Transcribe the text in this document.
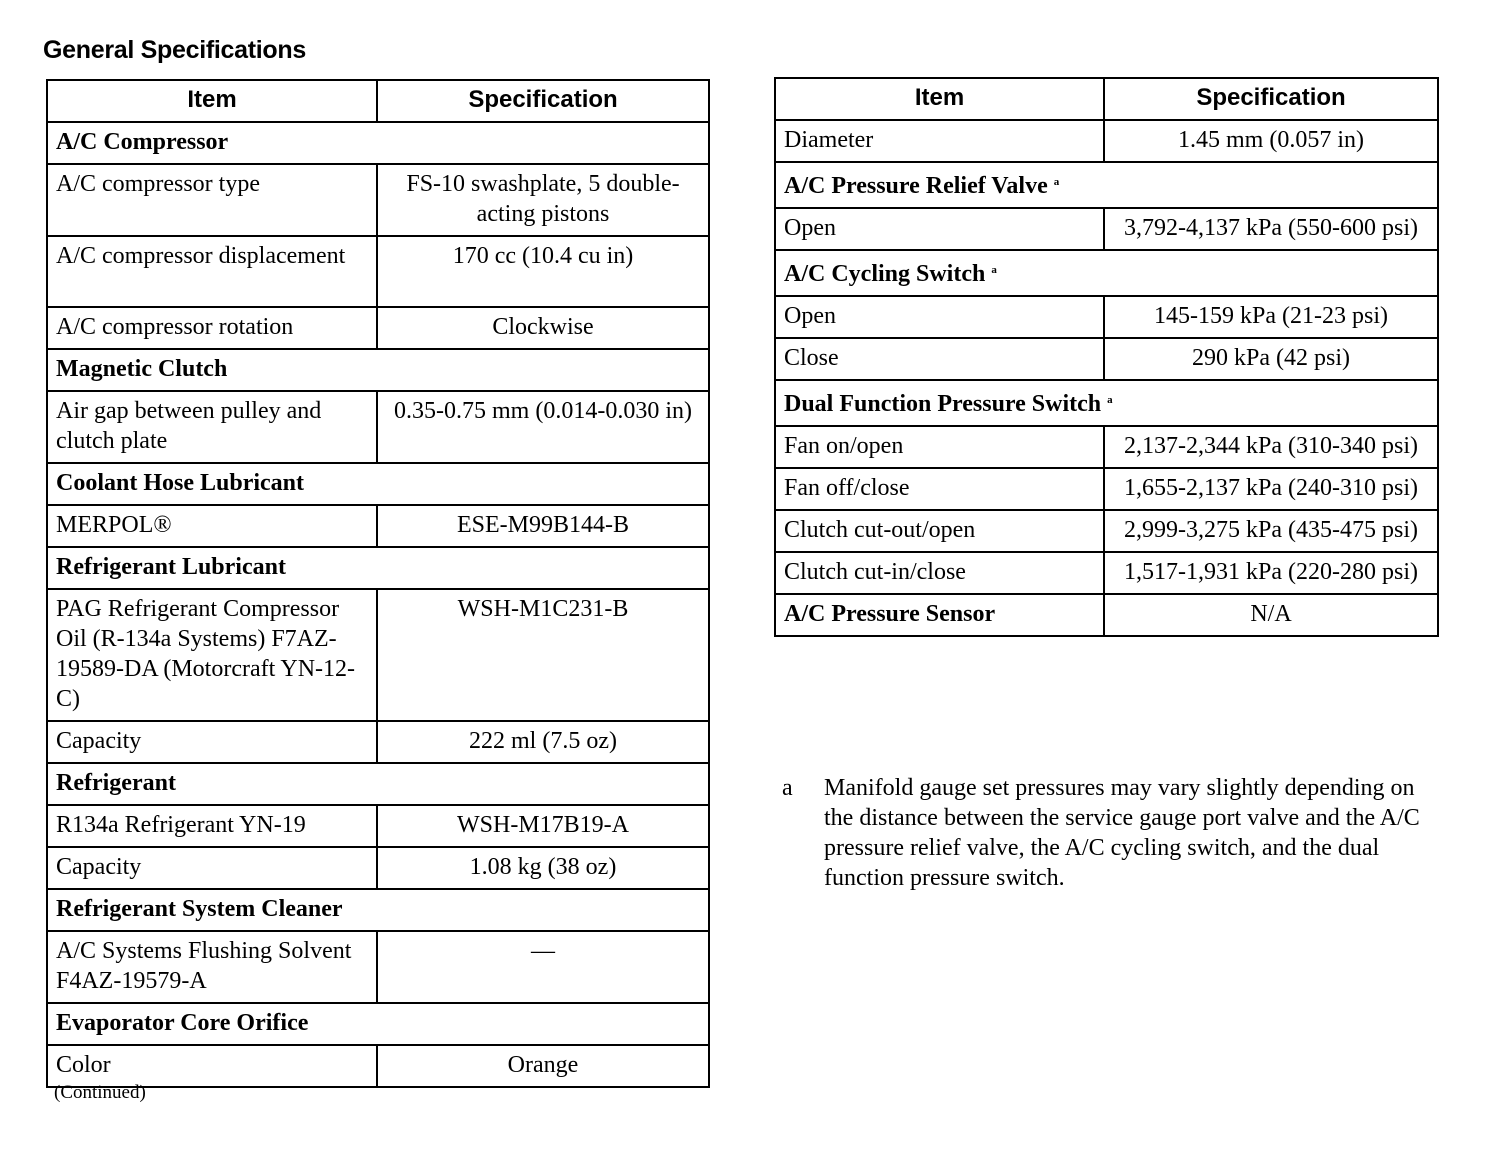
General Specifications
Item	Specification
A/C Compressor	
A/C compressor type	FS-10 swashplate, 5 double-acting pistons
A/C compressor displacement	170 cc (10.4 cu in)
A/C compressor rotation	Clockwise
Magnetic Clutch	
Air gap between pulley and clutch plate	0.35-0.75 mm (0.014-0.030 in)
Coolant Hose Lubricant	
MERPOL®	ESE-M99B144-B
Refrigerant Lubricant	
PAG Refrigerant Compressor Oil (R-134a Systems) F7AZ-19589-DA (Motorcraft YN-12-C)	WSH-M1C231-B
Capacity	222 ml (7.5 oz)
Refrigerant	
R134a Refrigerant YN-19	WSH-M17B19-A
Capacity	1.08 kg (38 oz)
Refrigerant System Cleaner	
A/C Systems Flushing Solvent F4AZ-19579-A	—
Evaporator Core Orifice	
Color	Orange
Item	Specification
Diameter	1.45 mm (0.057 in)
A/C Pressure Relief Valve $^a$
Open	3,792-4,137 kPa (550-600 psi)
A/C Cycling Switch $^a$
Open	145-159 kPa (21-23 psi)
Close	290 kPa (42 psi)
Dual Function Pressure Switch $^a$
Fan on/open	2,137-2,344 kPa (310-340 psi)
Fan off/close	1,655-2,137 kPa (240-310 psi)
Clutch cut-out/open	2,999-3,275 kPa (435-475 psi)
Clutch cut-in/close	1,517-1,931 kPa (220-280 psi)
A/C Pressure Sensor	N/A
a	Manifold gauge set pressures may vary slightly depending on the distance between the service gauge port valve and the A/C pressure relief valve, the A/C cycling switch, and the dual function pressure switch.
(Continued)
